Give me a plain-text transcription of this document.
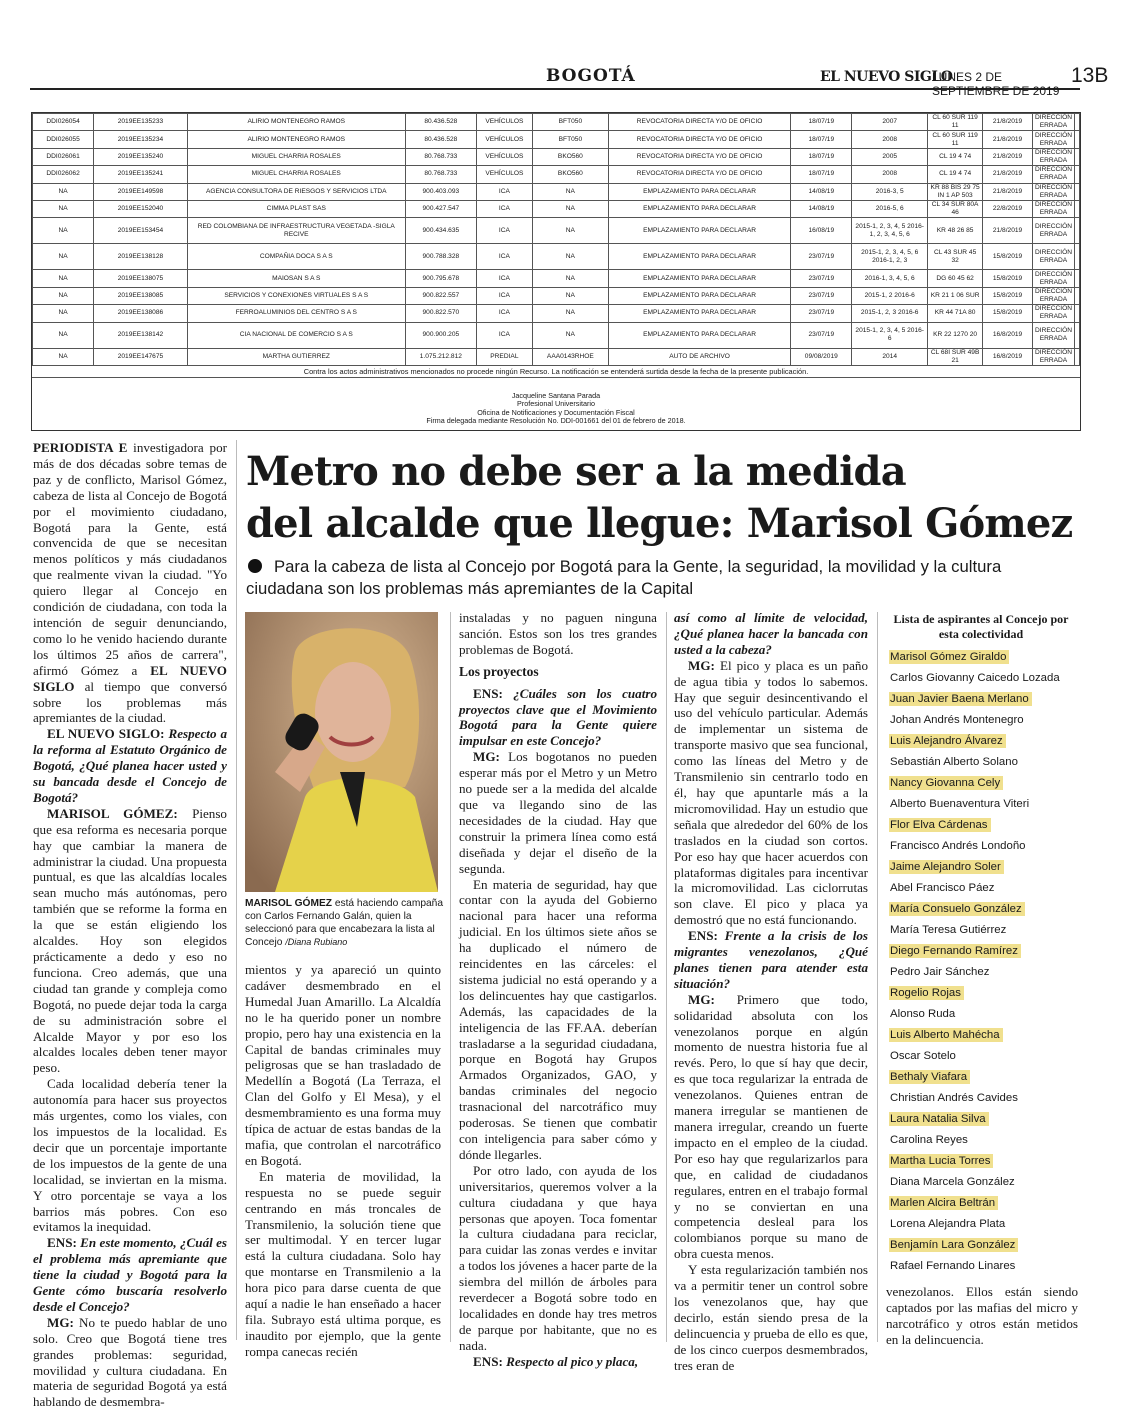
BOGOTÁ	EL NUEVO SIGLO
LUNES 2 DE SEPTIEMBRE DE 2019
13B
DDI026054	2019EE135233	ALIRIO MONTENEGRO RAMOS	80.436.528	VEHÍCULOS	BFT050	REVOCATORIA DIRECTA Y/O DE OFICIO	18/07/19	2007	CL 60 SUR 119 11	21/8/2019	DIRECCIÓN ERRADA	
DDI026055	2019EE135234	ALIRIO MONTENEGRO RAMOS	80.436.528	VEHÍCULOS	BFT050	REVOCATORIA DIRECTA Y/O DE OFICIO	18/07/19	2008	CL 60 SUR 119 11	21/8/2019	DIRECCIÓN ERRADA	
DDI026061	2019EE135240	MIGUEL CHARRIA ROSALES	80.768.733	VEHÍCULOS	BKO560	REVOCATORIA DIRECTA Y/O DE OFICIO	18/07/19	2005	CL 19 4 74	21/8/2019	DIRECCIÓN ERRADA	
DDI026062	2019EE135241	MIGUEL CHARRIA ROSALES	80.768.733	VEHÍCULOS	BKO560	REVOCATORIA DIRECTA Y/O DE OFICIO	18/07/19	2008	CL 19 4 74	21/8/2019	DIRECCIÓN ERRADA	
NA	2019EE149598	AGENCIA CONSULTORA DE RIESGOS Y SERVICIOS LTDA	900.403.093	ICA	NA	EMPLAZAMIENTO PARA DECLARAR	14/08/19	2016-3, 5	KR 88 BIS 29 75 IN 1 AP 503	21/8/2019	DIRECCIÓN ERRADA	
NA	2019EE152040	CIMMA PLAST SAS	900.427.547	ICA	NA	EMPLAZAMIENTO PARA DECLARAR	14/08/19	2016-5, 6	CL 34 SUR 80A 46	22/8/2019	DIRECCIÓN ERRADA	
NA	2019EE153454	RED COLOMBIANA DE INFRAESTRUCTURA VEGETADA -SIGLA RECIVE	900.434.635	ICA	NA	EMPLAZAMIENTO PARA DECLARAR	16/08/19	2015-1, 2, 3, 4, 5 2016-1, 2, 3, 4, 5, 6	KR 48 26 85	21/8/2019	DIRECCIÓN ERRADA	
NA	2019EE138128	COMPAÑIA DOCA S A S	900.788.328	ICA	NA	EMPLAZAMIENTO PARA DECLARAR	23/07/19	2015-1, 2, 3, 4, 5, 6 2016-1, 2, 3	CL 43 SUR 45 32	15/8/2019	DIRECCIÓN ERRADA	
NA	2019EE138075	MAIOSAN S A S	900.795.678	ICA	NA	EMPLAZAMIENTO PARA DECLARAR	23/07/19	2016-1, 3, 4, 5, 6	DG 60 45 62	15/8/2019	DIRECCIÓN ERRADA	
NA	2019EE138085	SERVICIOS Y CONEXIONES VIRTUALES S A S	900.822.557	ICA	NA	EMPLAZAMIENTO PARA DECLARAR	23/07/19	2015-1, 2 2016-6	KR 21 1 06 SUR	15/8/2019	DIRECCIÓN ERRADA	
NA	2019EE138086	FERROALUMINIOS DEL CENTRO S A S	900.822.570	ICA	NA	EMPLAZAMIENTO PARA DECLARAR	23/07/19	2015-1, 2, 3 2016-6	KR 44 71A 80	15/8/2019	DIRECCIÓN ERRADA	
NA	2019EE138142	CIA NACIONAL DE COMERCIO S A S	900.900.205	ICA	NA	EMPLAZAMIENTO PARA DECLARAR	23/07/19	2015-1, 2, 3, 4, 5 2016-6	KR 22 1270 20	16/8/2019	DIRECCIÓN ERRADA	
NA	2019EE147675	MARTHA GUTIERREZ	1.075.212.812	PREDIAL	AAA0143RHOE	AUTO DE ARCHIVO	09/08/2019	2014	CL 68I SUR 49B 21	16/8/2019	DIRECCIÓN ERRADA	
Contra los actos administrativos mencionados no procede ningún Recurso. La notificación se entenderá surtida desde la fecha de la presente publicación.
Jacqueline Santana Parada
Profesional Universitario
Oficina de Notificaciones y Documentación Fiscal
Firma delegada mediante Resolución No. DDI-001661 del 01 de febrero de 2018.

PERIODISTA E investigadora por más de dos décadas sobre temas de paz y de conflicto, Marisol Gómez, cabeza de lista al Concejo de Bogotá por el movimiento ciudadano, Bogotá para la Gente, está convencida de que se necesitan menos políticos y más ciudadanos que realmente vivan la ciudad. "Yo quiero llegar al Concejo en condición de ciudadana, con toda la intención de seguir denunciando, como lo he venido haciendo durante los últimos 25 años de carrera", afirmó Gómez a EL NUEVO SIGLO al tiempo que conversó sobre los problemas más apremiantes de la ciudad.

EL NUEVO SIGLO: Respecto a la reforma al Estatuto Orgánico de Bogotá, ¿Qué planea hacer usted y su bancada desde el Concejo de Bogotá?

MARISOL GÓMEZ: Pienso que esa reforma es necesaria porque hay que cambiar la manera de administrar la ciudad. Una propuesta puntual, es que las alcaldías locales sean mucho más autónomas, pero también que se reforme la forma en la que se están eligiendo los alcaldes. Hoy son elegidos prácticamente a dedo y eso no funciona. Creo además, que una ciudad tan grande y compleja como Bogotá, no puede dejar toda la carga de su administración sobre el Alcalde Mayor y por eso los alcaldes locales deben tener mayor peso.

Cada localidad debería tener la autonomía para hacer sus proyectos más urgentes, como los viales, con los impuestos de la localidad. Es decir que un porcentaje importante de los impuestos de la gente de una localidad, se inviertan en la misma. Y otro porcentaje se vaya a los barrios más pobres. Con eso evitamos la inequidad.

ENS: En este momento, ¿Cuál es el problema más apremiante que tiene la ciudad y Bogotá para la Gente cómo buscaría resolverlo desde el Concejo?

MG: No te puedo hablar de uno solo. Creo que Bogotá tiene tres grandes problemas: seguridad, movilidad y cultura ciudadana. En materia de seguridad Bogotá ya está hablando de desmembra-

Metro no debe ser a la medida
del alcalde que llegue: Marisol Gómez
Para la cabeza de lista al Concejo por Bogotá para la Gente, la seguridad, la movilidad y la cultura ciudadana son los problemas más apremiantes de la Capital
MARISOL GÓMEZ está haciendo campaña con Carlos Fernando Galán, quien la seleccionó para que encabezara la lista al Concejo /Diana Rubiano

mientos y ya apareció un quinto cadáver desmembrado en el Humedal Juan Amarillo. La Alcaldía no le ha querido poner un nombre propio, pero hay una existencia en la Capital de bandas criminales muy peligrosas que se han trasladado de Medellín a Bogotá (La Terraza, el Clan del Golfo y El Mesa), y el desmembramiento es una forma muy típica de actuar de estas bandas de la mafia, que controlan el narcotráfico en Bogotá.

En materia de movilidad, la respuesta no se puede seguir centrando en más troncales de Transmilenio, la solución tiene que ser multimodal. Y en tercer lugar está la cultura ciudadana. Solo hay que montarse en Transmilenio a la hora pico para darse cuenta de que aquí a nadie le han enseñado a hacer fila. Subrayo está ultima porque, es inaudito por ejemplo, que la gente rompa canecas recién

instaladas y no paguen ninguna sanción. Estos son los tres grandes problemas de Bogotá.

Los proyectos

ENS: ¿Cuáles son los cuatro proyectos clave que el Movimiento Bogotá para la Gente quiere impulsar en este Concejo?

MG: Los bogotanos no pueden esperar más por el Metro y un Metro no puede ser a la medida del alcalde que va llegando sino de las necesidades de la ciudad. Hay que construir la primera línea como está diseñada y dejar el diseño de la segunda.

En materia de seguridad, hay que contar con la ayuda del Gobierno nacional para hacer una reforma judicial. En los últimos siete años se ha duplicado el número de reincidentes en las cárceles: el sistema judicial no está operando y a los delincuentes hay que castigarlos. Además, las capacidades de la inteligencia de las FF.AA. deberían trasladarse a la seguridad ciudadana, porque en Bogotá hay Grupos Armados Organizados, GAO, y bandas criminales del negocio trasnacional del narcotráfico muy poderosas. Se tienen que combatir con inteligencia para saber cómo y dónde llegarles.

Por otro lado, con ayuda de los universitarios, queremos volver a la cultura ciudadana y que haya personas que apoyen. Toca fomentar la cultura ciudadana para reciclar, para cuidar las zonas verdes e invitar a todos los jóvenes a hacer parte de la siembra del millón de árboles para reverdecer a Bogotá sobre todo en localidades en donde hay tres metros de parque por habitante, que no es nada.

ENS: Respecto al pico y placa,

así como al límite de velocidad, ¿Qué planea hacer la bancada con usted a la cabeza?

MG: El pico y placa es un paño de agua tibia y todos lo sabemos. Hay que seguir desincentivando el uso del vehículo particular. Además de implementar un sistema de transporte masivo que sea funcional, como las líneas del Metro y de Transmilenio sin centrarlo todo en él, hay que apuntarle más a la micromovilidad. Hay un estudio que señala que alrededor del 60% de los traslados en la ciudad son cortos. Por eso hay que hacer acuerdos con plataformas digitales para incentivar la micromovilidad. Las ciclorrutas son clave. El pico y placa ya demostró que no está funcionando.

ENS: Frente a la crisis de los migrantes venezolanos, ¿Qué planes tienen para atender esta situación?

MG: Primero que todo, solidaridad absoluta con los venezolanos porque en algún momento de nuestra historia fue al revés. Pero, lo que sí hay que decir, es que toca regularizar la entrada de venezolanos. Quienes entran de manera irregular se mantienen de manera irregular, creando un fuerte impacto en el empleo de la ciudad. Por eso hay que regularizarlos para que, en calidad de ciudadanos regulares, entren en el trabajo formal y no se conviertan en una competencia desleal para los colombianos porque su mano de obra cuesta menos.

Y esta regularización también nos va a permitir tener un control sobre los venezolanos que, hay que decirlo, están siendo presa de la delincuencia y prueba de ello es que, de los cinco cuerpos desmembrados, tres eran de

Lista de aspirantes al Concejo por esta colectividad
Marisol Gómez Giraldo
Carlos Giovanny Caicedo Lozada
Juan Javier Baena Merlano
Johan Andrés Montenegro
Luis Alejandro Álvarez
Sebastián Alberto Solano
Nancy Giovanna Cely
Alberto Buenaventura Viteri
Flor Elva Cárdenas
Francisco Andrés Londoño
Jaime Alejandro Soler
Abel Francisco Páez
María Consuelo González
María Teresa Gutiérrez
Diego Fernando Ramírez
Pedro Jair Sánchez
Rogelio Rojas
Alonso Ruda
Luis Alberto Mahécha
Oscar Sotelo
Bethaly Viafara
Christian Andrés Cavides
Laura Natalia Silva
Carolina Reyes
Martha Lucia Torres
Diana Marcela González
Marlen Alcira Beltrán
Lorena Alejandra Plata
Benjamín Lara González
Rafael Fernando Linares

venezolanos. Ellos están siendo captados por las mafias del micro y narcotráfico y otros están metidos en la delincuencia.
